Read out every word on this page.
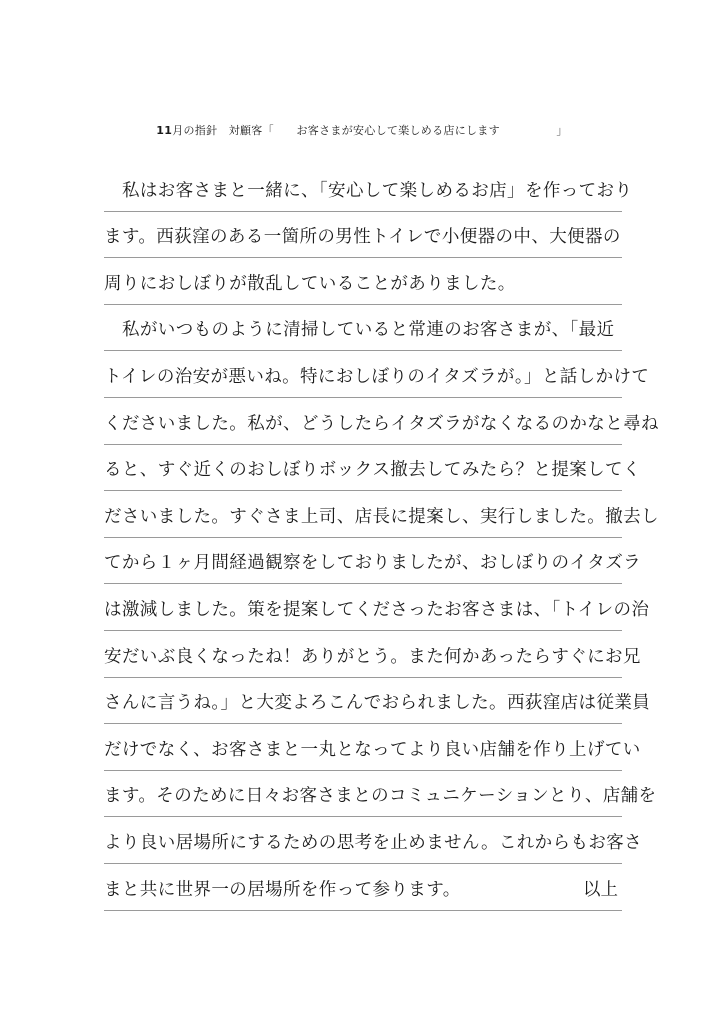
11月の指針　対顧客「　　お客さまが安心して楽しめる店にします　　　　　」
私はお客さまと一緒に、「安心して楽しめるお店」を作っており
ます。西荻窪のある一箇所の男性トイレで小便器の中、大便器の
周りにおしぼりが散乱していることがありました。
私がいつものように清掃していると常連のお客さまが、「最近
トイレの治安が悪いね。特におしぼりのイタズラが。」と話しかけて
くださいました。私が、どうしたらイタズラがなくなるのかなと尋ね
ると、すぐ近くのおしぼりボックス撤去してみたら？と提案してく
ださいました。すぐさま上司、店長に提案し、実行しました。撤去し
てから１ヶ月間経過観察をしておりましたが、おしぼりのイタズラ
は激減しました。策を提案してくださったお客さまは、「トイレの治
安だいぶ良くなったね！ありがとう。また何かあったらすぐにお兄
さんに言うね。」と大変よろこんでおられました。西荻窪店は従業員
だけでなく、お客さまと一丸となってより良い店舗を作り上げてい
ます。そのために日々お客さまとのコミュニケーションとり、店舗を
より良い居場所にするための思考を止めません。これからもお客さ
まと共に世界一の居場所を作って参ります。	以上
